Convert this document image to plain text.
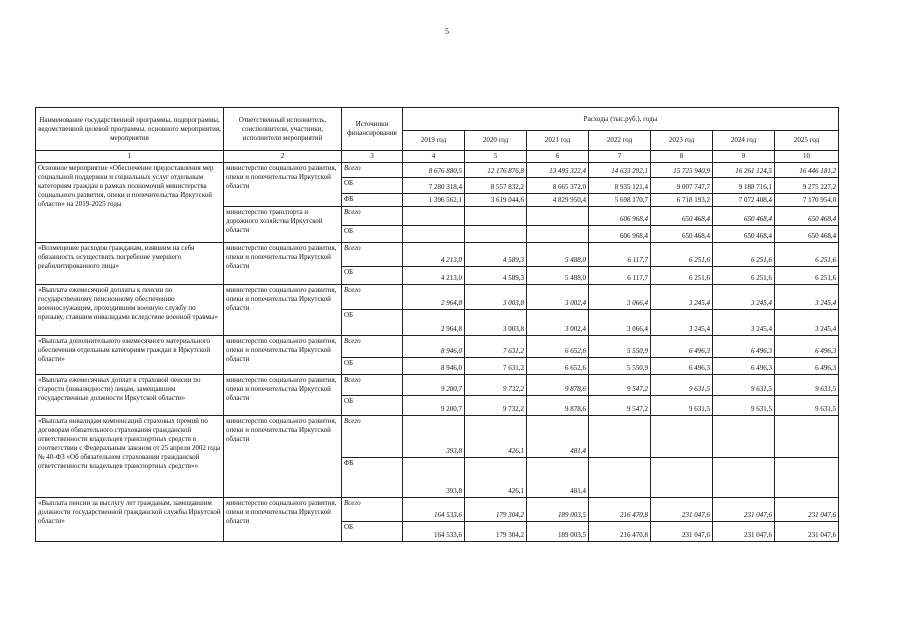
5
Наименование государственной программы, подпрограммы, ведомственной целевой программы, основного мероприятия, мероприятия	Ответственный исполнитель, соисполнители, участники, исполнители мероприятий	Источники финансирования	Расходы (тыс.руб.), годы						
			2019 год	2020 год	2021 год	2022 год	2023 год	2024 год	2025 год
1	2	3	4	5	6	7	8	9	10
Основное мероприятие «Обеспечение предоставления мер социальной поддержки и социальных услуг отдельным категориям граждан в рамках полномочий министерства социального развития, опеки и попечительства Иркутской области» на 2019-2025 годы	министерство социального развития, опеки и попечительства Иркутской области	Всего	8 676 880,5	12 176 876,8	13 495 322,4	14 633 292,1	15 725 940,9	16 261 124,5	16 446 181,2
		ОБ	7 280 318,4	8 557 832,2	8 665 372,0	8 935 121,4	9 007 747,7	9 188 716,1	9 275 227,2
		ФБ	1 396 562,1	3 619 044,6	4 829 950,4	5 698 170,7	6 718 193,2	7 072 408,4	7 170 954,0
	министерство транспорта и дорожного хозяйства Иркутской области	Всего				606 968,4	650 468,4	650 468,4	650 468,4
		ОБ				606 968,4	650 468,4	650 468,4	650 468,4
«Возмещение расходов гражданам, взявшим на себя обязанность осуществить погребение умершего реабилитированного лица»	министерство социального развития, опеки и попечительства Иркутской области	Всего	4 213,0	4 589,3	5 488,0	6 117,7	6 251,6	6 251,6	6 251,6
		ОБ	4 213,0	4 589,3	5 488,0	6 117,7	6 251,6	6 251,6	6 251,6
«Выплата ежемесячной доплаты к пенсии по государственному пенсионному обеспечению военнослужащим, проходившим военную службу по призыву, ставшим инвалидами вследствие военной травмы»	министерство социального развития, опеки и попечительства Иркутской области	Всего	2 964,8	3 003,8	3 002,4	3 066,4	3 245,4	3 245,4	3 245,4
		ОБ	2 964,8	3 003,8	3 002,4	3 066,4	3 245,4	3 245,4	3 245,4
«Выплата дополнительного ежемесячного материального обеспечения отдельным категориям граждан в Иркутской области»	министерство социального развития, опеки и попечительства Иркутской области	Всего	8 946,0	7 631,2	6 652,6	5 550,9	6 496,3	6 496,3	6 496,3
		ОБ	8 946,0	7 631,2	6 652,6	5 550,9	6 496,3	6 496,3	6 496,3
«Выплата ежемесячных доплат к страховой пенсии по старости (инвалидности) лицам, замещавшим государственные должности Иркутской области»	министерство социального развития, опеки и попечительства Иркутской области	Всего	9 200,7	9 732,2	9 878,6	9 547,2	9 631,5	9 631,5	9 631,5
		ОБ	9 200,7	9 732,2	9 878,6	9 547,2	9 631,5	9 631,5	9 631,5
«Выплата инвалидам компенсаций страховых премий по договорам обязательного страхования гражданской ответственности владельцев транспортных средств в соответствии с Федеральным законом от 25 апреля 2002 года № 40-ФЗ «Об обязательном страховании гражданской ответственности владельцев транспортных средств»»	министерство социального развития, опеки и попечительства Иркутской области	Всего	393,8	426,1	481,4				
		ФБ	393,8	426,1	481,4				
«Выплата пенсии за выслугу лет гражданам, замещавшим должности государственной гражданской службы Иркутской области»	министерство социального развития, опеки и попечительства Иркутской области	Всего	164 533,6	179 304,2	189 003,5	216 470,8	231 047,6	231 047,6	231 047,6
		ОБ	164 533,6	179 304,2	189 003,5	216 470,8	231 047,6	231 047,6	231 047,6
